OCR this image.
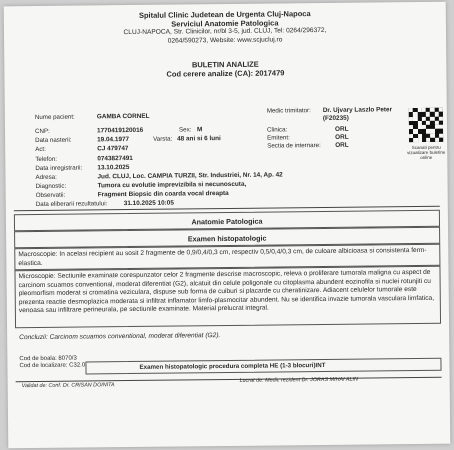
Spitalul Clinic Judetean de Urgenta Cluj-Napoca
Serviciul Anatomie Patologica
CLUJ-NAPOCA, Str. Clinicilor, nr/bl 3-5, jud. CLUJ, Tel: 0264/296372,
0264/590273, Website: www.scjucluj.ro
BULETIN ANALIZE
Cod cerere analize (CA): 2017479
Nume pacient:	GAMBA CORNEL
CNP:	1770419120016	Sex: M
Data nasterii:	19.04.1977	Varsta: 48 ani si 6 luni
Act:	CJ 479747
Telefon:	0743827491
Data inregistrarii: 13.10.2025
Adresa:	Jud. CLUJ, Loc. CAMPIA TURZII, Str. Industriei, Nr. 14, Ap. 42
Diagnostic:	Tumora cu evolutie imprevizibila si necunoscuta,
Observatii:	Fragment Biopsic din coarda vocal dreapta
Data eliberarii rezultatului:	31.10.2025 10:05
Medic trimitator: Dr. Ujvary Laszlo Peter
(F20235)
Clinica:	ORL
Emitent:	ORL
Sectia de internare: ORL	Scanati pentru vizualizare buletine online
Anatomie Patologica
Examen histopatologic
Macroscopie: In acelasi recipient au sosit 2 fragmente de 0,9/0,4/0,3 cm, respectiv 0,5/0,4/0,3 cm, de culoare albicioasa si consistenta ferm-elastica.
Microscopie: Sectiunile examinate corespunzator celor 2 fragmente descrise macroscopic, releva o proliferare tumorala maligna cu aspect de carcinom scuamos conventional, moderat diferentiat (G2), alcatuit din celule poligonale cu citoplasma abundent eozinofila si nuclei rotunjiti cu pleomorfism moderat si cromatina veziculara, dispuse sub forma de cuiburi si placarde cu cheratinizare. Adiacent celulelor tumorale este prezenta reactie desmoplazica moderata si infiltrat inflamator limfo-plasmocitar abundent. Nu se identifica invazie tumorala vasculara limfatica, venoasa sau infiltrare perineurala, pe sectiunile examinate. Material prelucrat integral.
Concluzii: Carcinom scuamos conventional, moderat diferentiat (G2).
Cod de boala: 8070/3
Cod de localizare: C32.0	Examen histopatologic procedura completa HE (1-3 blocuri)INT
Validat de: Conf. Dr. CRISAN DOINITA
Lucrat de: Medic rezident Dr. JORAS MIHAI ALIN
